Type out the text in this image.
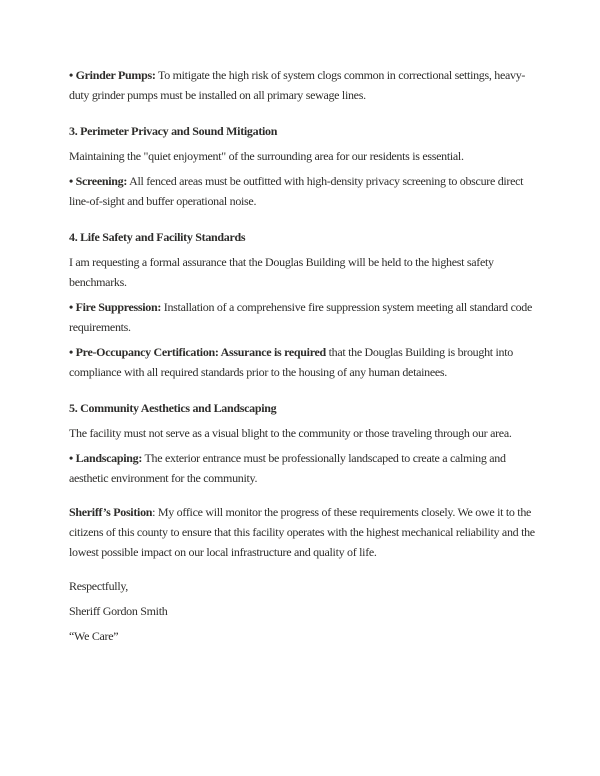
• Grinder Pumps: To mitigate the high risk of system clogs common in correctional settings, heavy-duty grinder pumps must be installed on all primary sewage lines.

3. Perimeter Privacy and Sound Mitigation

Maintaining the "quiet enjoyment" of the surrounding area for our residents is essential.

• Screening: All fenced areas must be outfitted with high-density privacy screening to obscure direct line-of-sight and buffer operational noise.

4. Life Safety and Facility Standards

I am requesting a formal assurance that the Douglas Building will be held to the highest safety benchmarks.

• Fire Suppression: Installation of a comprehensive fire suppression system meeting all standard code requirements.

• Pre-Occupancy Certification: Assurance is required that the Douglas Building is brought into compliance with all required standards prior to the housing of any human detainees.

5. Community Aesthetics and Landscaping

The facility must not serve as a visual blight to the community or those traveling through our area.

• Landscaping: The exterior entrance must be professionally landscaped to create a calming and aesthetic environment for the community.

Sheriff’s Position: My office will monitor the progress of these requirements closely. We owe it to the citizens of this county to ensure that this facility operates with the highest mechanical reliability and the lowest possible impact on our local infrastructure and quality of life.

Respectfully,

Sheriff Gordon Smith

“We Care”
